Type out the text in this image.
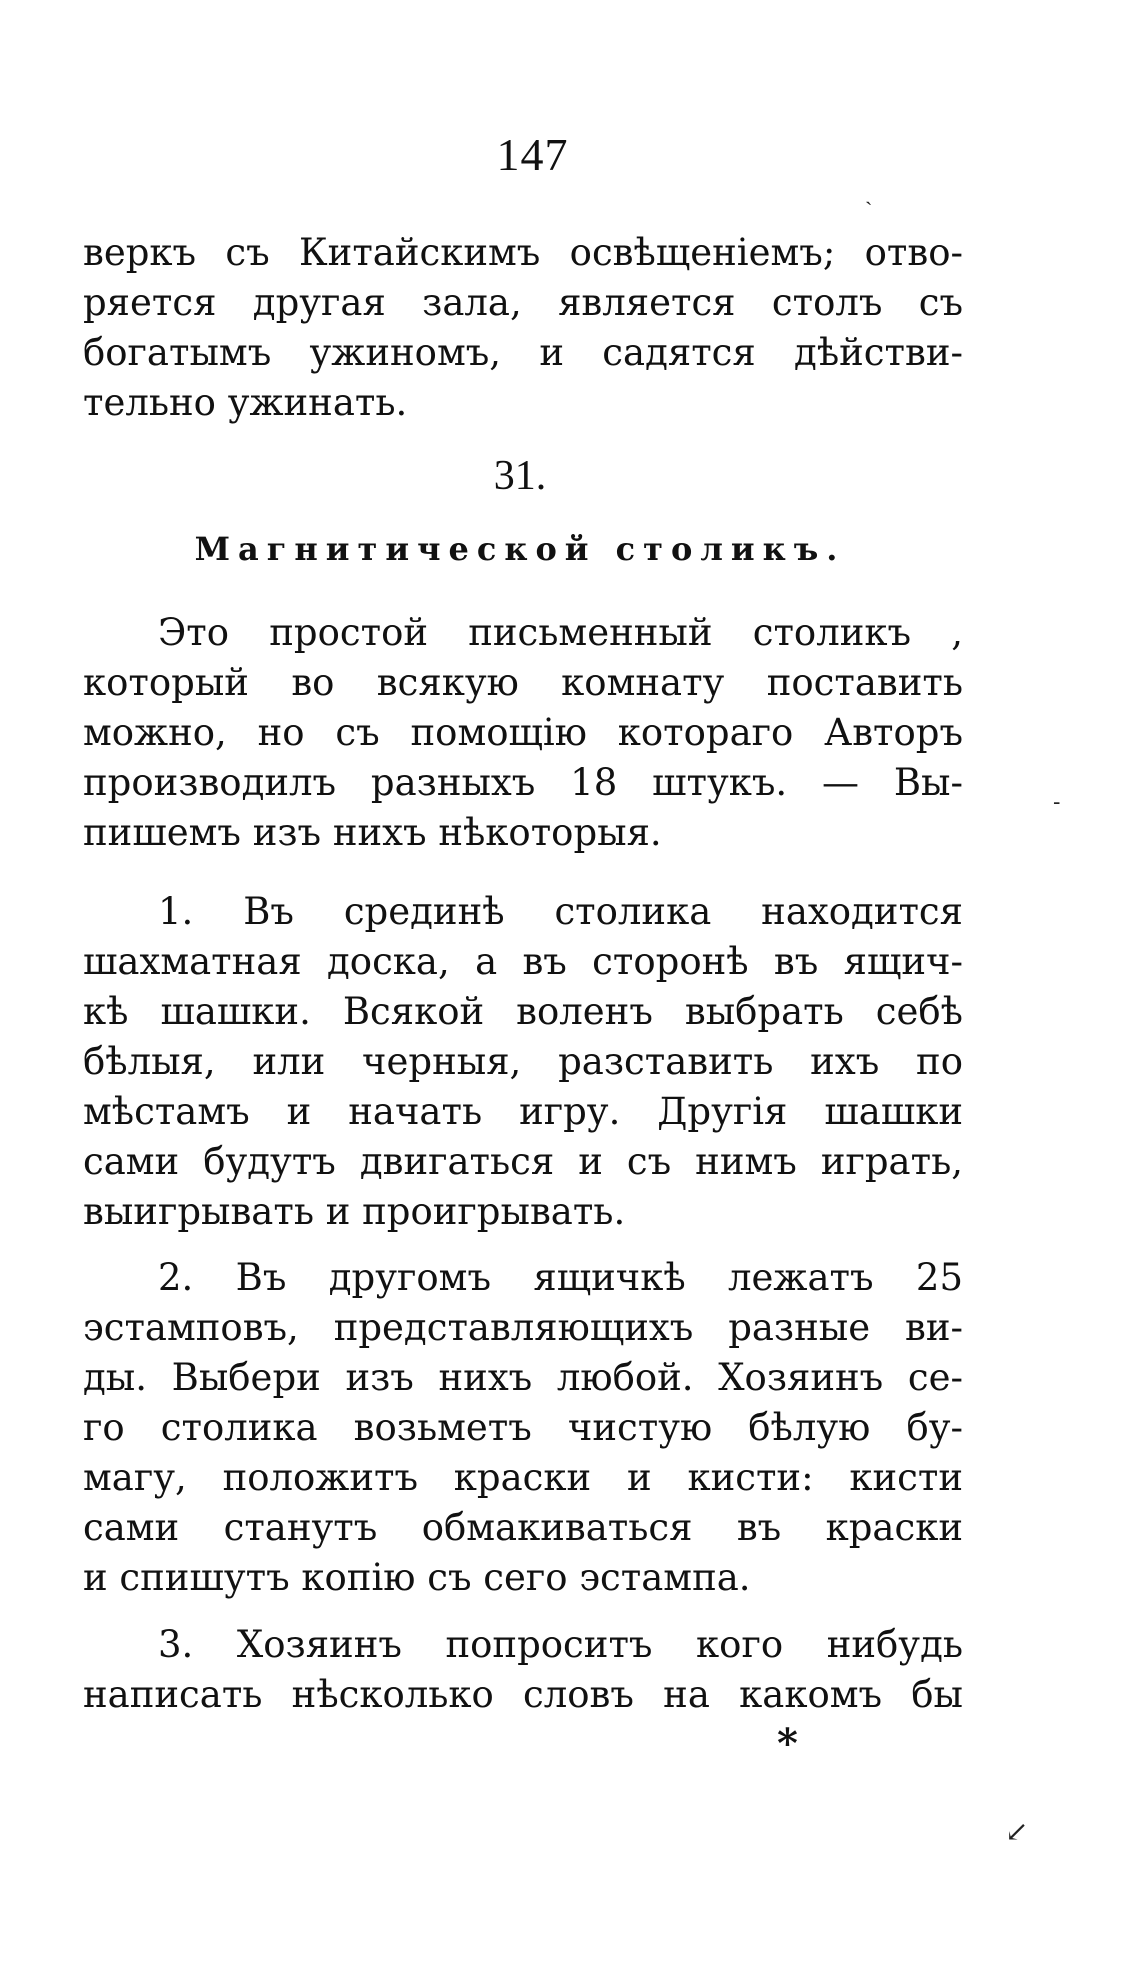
147
веркъ съ Китайскимъ освѣщеніемъ; отво-
ряется другая зала, является столъ съ
богатымъ ужиномъ, и садятся дѣйстви-
тельно ужинать.
31.
Магнитической столикъ.
Это простой письменный столикъ ,
который во всякую комнату поставить
можно, но съ помощію котораго Авторъ
производилъ разныхъ 18 штукъ. — Вы-
пишемъ изъ нихъ нѣкоторыя.
1. Въ срединѣ столика находится
шахматная доска, а въ сторонѣ въ ящич-
кѣ шашки. Всякой воленъ выбрать себѣ
бѣлыя, или черныя, разставить ихъ по
мѣстамъ и начать игру. Другія шашки
сами будутъ двигаться и съ нимъ играть,
выигрывать и проигрывать.
2. Въ другомъ ящичкѣ лежатъ 25
эстамповъ, представляющихъ разные ви-
ды. Выбери изъ нихъ любой. Хозяинъ се-
го столика возьметъ чистую бѣлую бу-
магу, положитъ краски и кисти: кисти
сами станутъ обмакиваться въ краски
и спишутъ копію съ сего эстампа.
3. Хозяинъ попроситъ кого нибудь
написать нѣсколько словъ на какомъ бы
*
ˏ
-
↙
